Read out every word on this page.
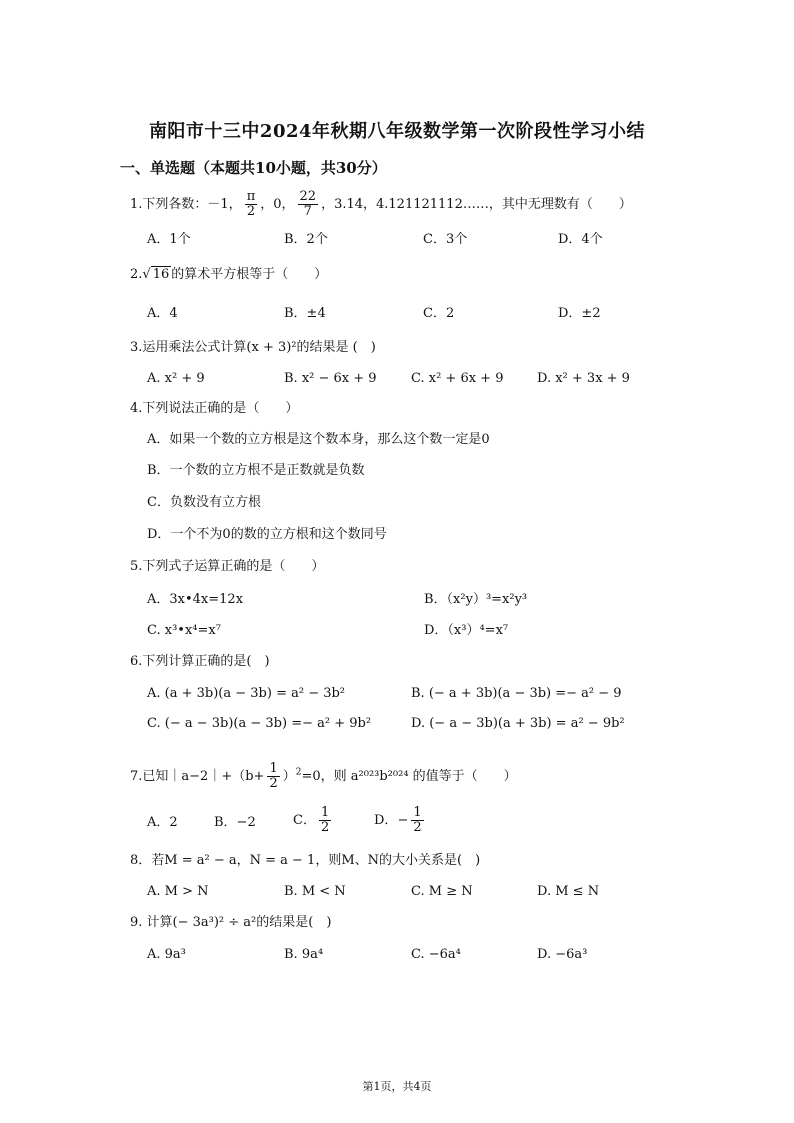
南阳市十三中2024年秋期八年级数学第一次阶段性学习小结
一、单选题（本题共10小题，共30分）
1.下列各数：－1， $\frac{\pi}{2}$ ，0， $\frac{22}{7}$ ，3.14，4.121121112……，其中无理数有（　　）
A．1个	B．2个	C．3个	D．4个
2.√ 16 的算术平方根等于（　　）
A．4	B．±4	C．2	D．±2
3.运用乘法公式计算(x + 3)²的结果是 (　)
A. x² + 9	B. x² − 6x + 9	C. x² + 6x + 9	D. x² + 3x + 9
4.下列说法正确的是（　　）
A．如果一个数的立方根是这个数本身，那么这个数一定是0
B．一个数的立方根不是正数就是负数
C．负数没有立方根
D．一个不为0的数的立方根和这个数同号
5.下列式子运算正确的是（　　）
A．3x•4x=12x	B．（x²y）³=x²y³
C. x³•x⁴=x⁷	D．（x³）⁴=x⁷
6.下列计算正确的是(　)
A. (a + 3b)(a − 3b) = a² − 3b²	B. (− a + 3b)(a − 3b) =− a² − 9
C. (− a − 3b)(a − 3b) =− a² + 9b²	D. (− a − 3b)(a + 3b) = a² − 9b²
7.已知｜a−2｜+（b+ $\frac{1}{2} )^2=0$，则 a²⁰²³b²⁰²⁴ 的值等于（　　）
A．2	B．−2	C． $\frac{1}{2}$	D．− $\frac{1}{2}$
8．若M = a² − a，N = a − 1，则M、N的大小关系是(　)
A. M > N	B. M < N	C. M ≥ N	D. M ≤ N
9. 计算(− 3a³)² ÷ a²的结果是(　)
A. 9a³	B. 9a⁴	C. −6a⁴	D. −6a³
第1页，共4页
